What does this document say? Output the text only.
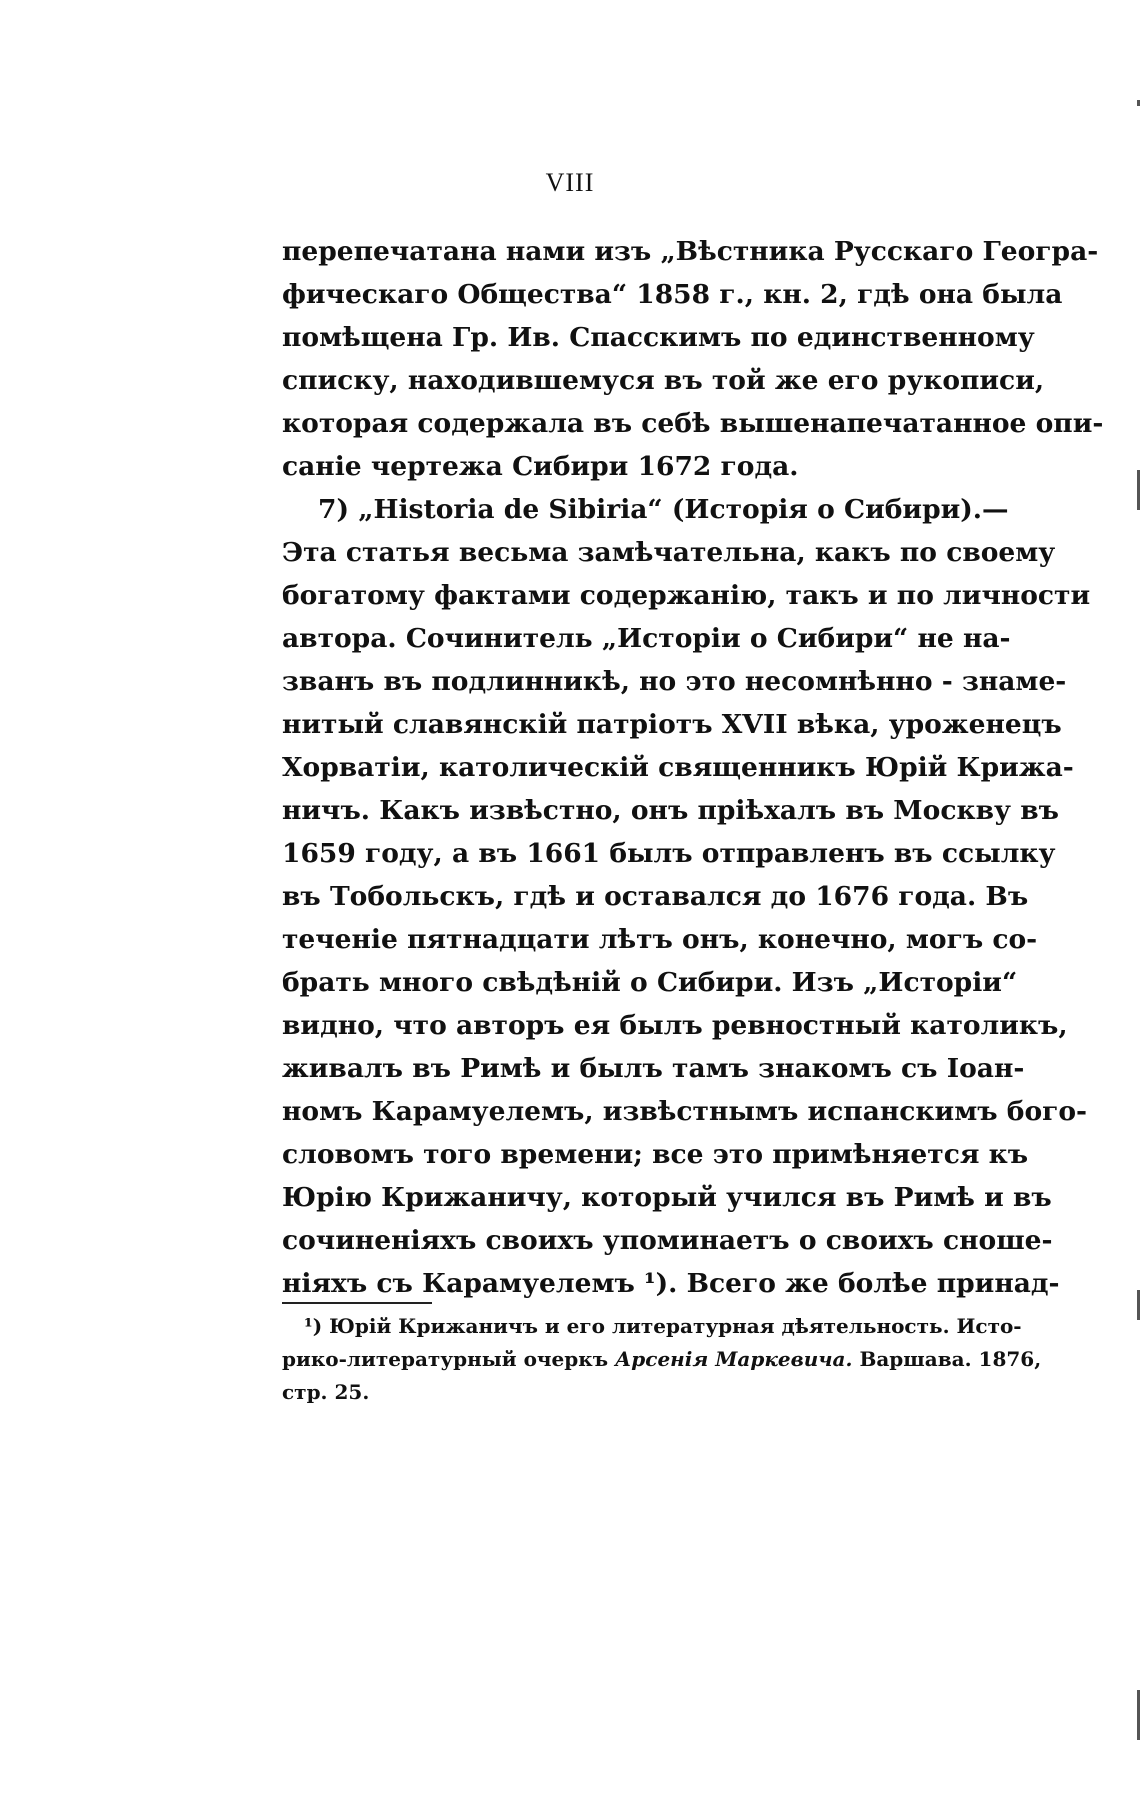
VIII
перепечатана нами изъ „Вѣстника Русскаго Геогра-
фическаго Общества“ 1858 г., кн. 2, гдѣ она была
помѣщена Гр. Ив. Спасскимъ по единственному
списку, находившемуся въ той же его рукописи,
которая содержала въ себѣ вышенапечатанное опи-
саніе чертежа Сибири 1672 года.
7) „Historia de Sibiria“ (Исторія о Сибири).—
Эта статья весьма замѣчательна, какъ по своему
богатому фактами содержанію, такъ и по личности
автора. Сочинитель „Исторіи о Сибири“ не на-
званъ въ подлинникѣ, но это несомнѣнно - знаме-
нитый славянскій патріотъ XVII вѣка, уроженецъ
Хорватіи, католическій священникъ Юрій Крижа-
ничъ. Какъ извѣстно, онъ пріѣхалъ въ Москву въ
1659 году, а въ 1661 былъ отправленъ въ ссылку
въ Тобольскъ, гдѣ и оставался до 1676 года. Въ
теченіе пятнадцати лѣтъ онъ, конечно, могъ со-
брать много свѣдѣній о Сибири. Изъ „Исторіи“
видно, что авторъ ея былъ ревностный католикъ,
живалъ въ Римѣ и былъ тамъ знакомъ съ Іоан-
номъ Карамуелемъ, извѣстнымъ испанскимъ бого-
словомъ того времени; все это примѣняется къ
Юрію Крижаничу, который учился въ Римѣ и въ
сочиненіяхъ своихъ упоминаетъ о своихъ сноше-
ніяхъ съ Карамуелемъ ¹). Всего же болѣе принад-
¹) Юрій Крижаничъ и его литературная дѣятельность. Исто-
рико-литературный очеркъ Арсенія Маркевича. Варшава. 1876,
стр. 25.
